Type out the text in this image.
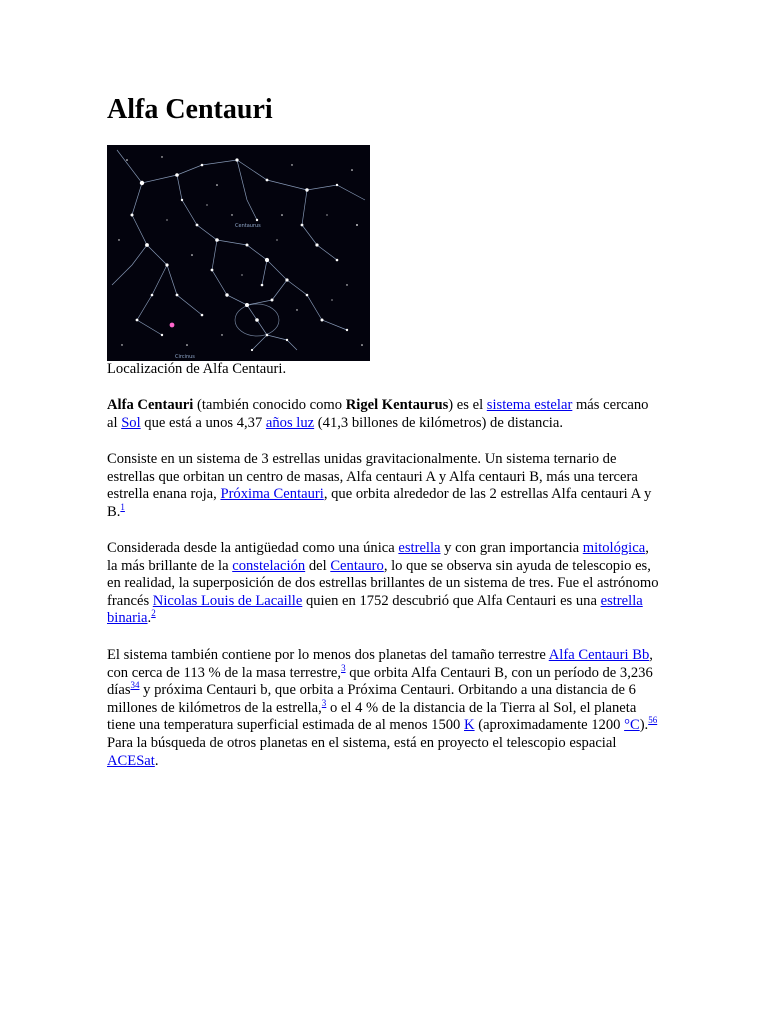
Alfa Centauri
Centaurus
Circinus
Localización de Alfa Centauri.

Alfa Centauri (también conocido como Rigel Kentaurus) es el sistema estelar más cercano al Sol que está a unos 4,37 años luz (41,3 billones de kilómetros) de distancia.

Consiste en un sistema de 3 estrellas unidas gravitacionalmente. Un sistema ternario de estrellas que orbitan un centro de masas, Alfa centauri A y Alfa centauri B, más una tercera estrella enana roja, Próxima Centauri, que orbita alrededor de las 2 estrellas Alfa centauri A y B.$^1$

Considerada desde la antigüedad como una única estrella y con gran importancia mitológica, la más brillante de la constelación del Centauro, lo que se observa sin ayuda de telescopio es, en realidad, la superposición de dos estrellas brillantes de un sistema de tres. Fue el astrónomo francés Nicolas Louis de Lacaille quien en 1752 descubrió que Alfa Centauri es una estrella binaria.$^2$

El sistema también contiene por lo menos dos planetas del tamaño terrestre Alfa Centauri Bb, con cerca de 113 % de la masa terrestre,$^3$ que orbita Alfa Centauri B, con un período de 3,236 días$^{34}$ y próxima Centauri b, que orbita a Próxima Centauri. Orbitando a una distancia de 6 millones de kilómetros de la estrella,$^3$ o el 4 % de la distancia de la Tierra al Sol, el planeta tiene una temperatura superficial estimada de al menos 1500 K (aproximadamente 1200 °C).$^{56}$ Para la búsqueda de otros planetas en el sistema, está en proyecto el telescopio espacial ACESat.
